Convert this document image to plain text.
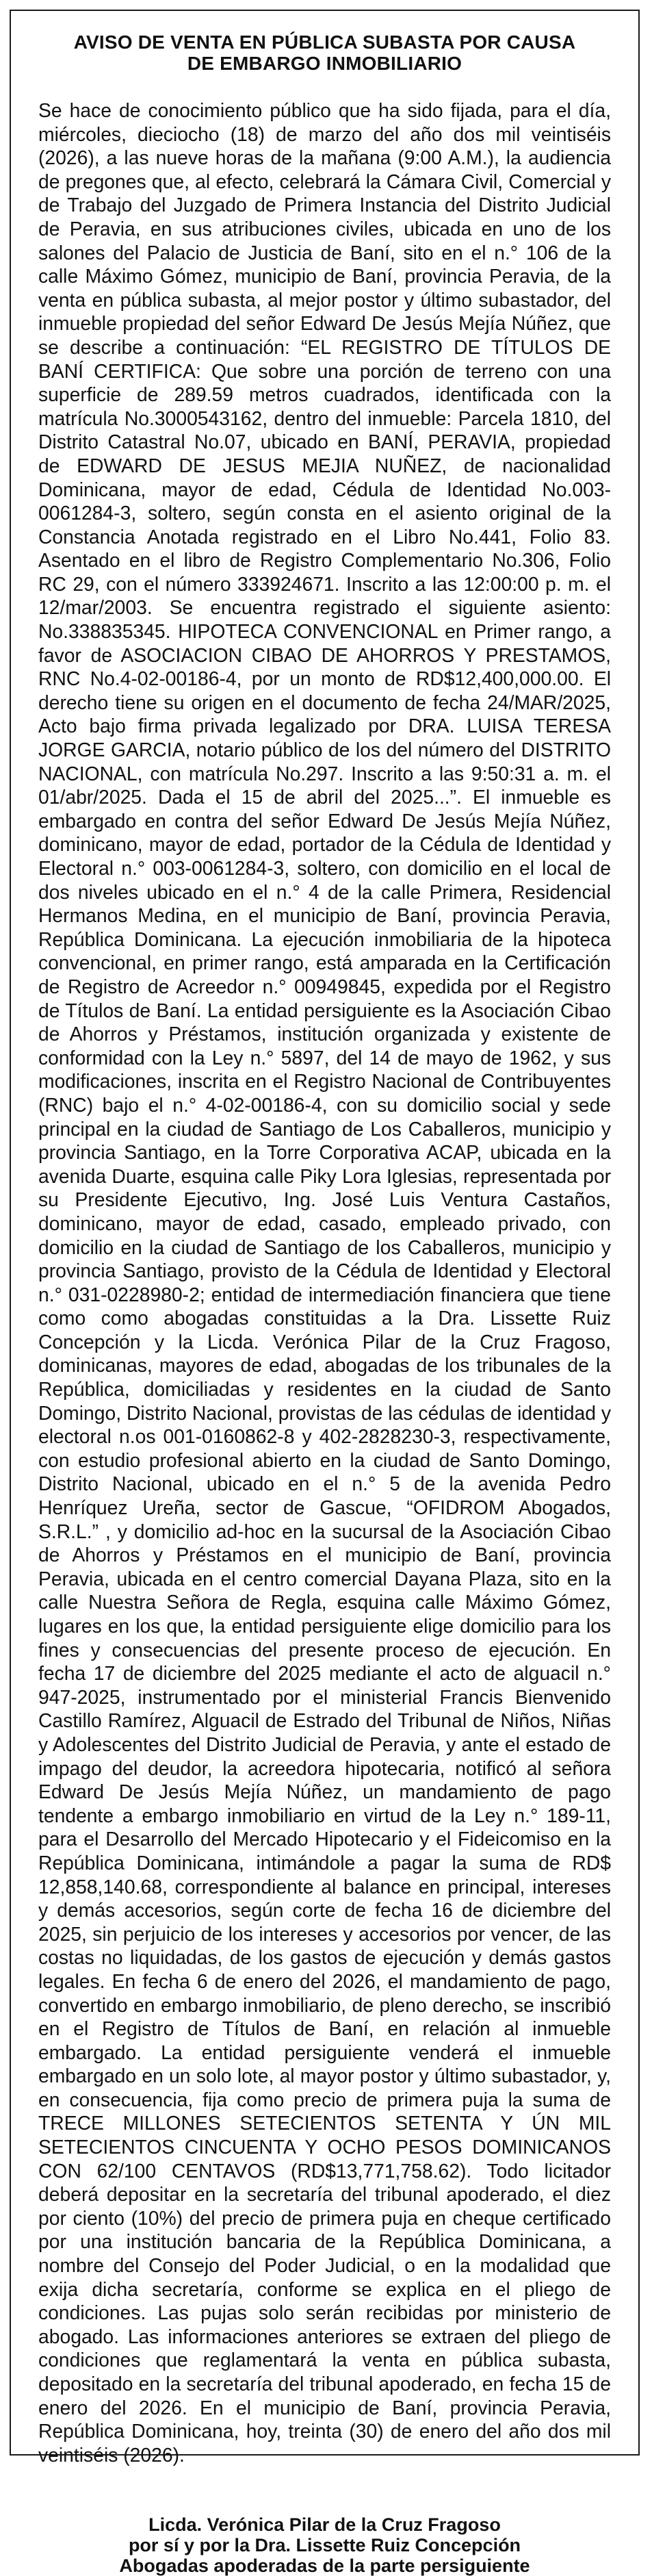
AVISO DE VENTA EN PÚBLICA SUBASTA POR CAUSA
DE EMBARGO INMOBILIARIO

Se hace de conocimiento público que ha sido fijada, para el día, miércoles, dieciocho (18) de marzo del año dos mil veintiséis (2026), a las nueve horas de la mañana (9:00 A.M.), la audiencia de pregones que, al efecto, celebrará la Cámara Civil, Comercial y de Trabajo del Juzgado de Primera Instancia del Distrito Judicial de Peravia, en sus atribuciones civiles, ubicada en uno de los salones del Palacio de Justicia de Baní, sito en el n.° 106 de la calle Máximo Gómez, municipio de Baní, provincia Peravia, de la venta en pública subasta, al mejor postor y último subastador, del inmueble propiedad del señor Edward De Jesús Mejía Núñez, que se describe a continuación: “EL REGISTRO DE TÍTULOS DE BANÍ CERTIFICA: Que sobre una porción de terreno con una superficie de 289.59 metros cuadrados, identificada con la matrícula No.3000543162, dentro del inmueble: Parcela 1810, del Distrito Catastral No.07, ubicado en BANÍ, PERAVIA, propiedad de EDWARD DE JESUS MEJIA NUÑEZ, de nacionalidad Dominicana, mayor de edad, Cédula de Identidad No.003-0061284-3, soltero, según consta en el asiento original de la Constancia Anotada registrado en el Libro No.441, Folio 83. Asentado en el libro de Registro Complementario No.306, Folio RC 29, con el número 333924671. Inscrito a las 12:00:00 p. m. el 12/mar/2003. Se encuentra registrado el siguiente asiento: No.338835345. HIPOTECA CONVENCIONAL en Primer rango, a favor de ASOCIACION CIBAO DE AHORROS Y PRESTAMOS, RNC No.4-02-00186-4, por un monto de RD$12,400,000.00. El derecho tiene su origen en el documento de fecha 24/MAR/2025, Acto bajo firma privada legalizado por DRA. LUISA TERESA JORGE GARCIA, notario público de los del número del DISTRITO NACIONAL, con matrícula No.297. Inscrito a las 9:50:31 a. m. el 01/abr/2025. Dada el 15 de abril del 2025...”. El inmueble es embargado en contra del señor Edward De Jesús Mejía Núñez, dominicano, mayor de edad, portador de la Cédula de Identidad y Electoral n.° 003-0061284-3, soltero, con domicilio en el local de dos niveles ubicado en el n.° 4 de la calle Primera, Residencial Hermanos Medina, en el municipio de Baní, provincia Peravia, República Dominicana. La ejecución inmobiliaria de la hipoteca convencional, en primer rango, está amparada en la Certificación de Registro de Acreedor n.° 00949845, expedida por el Registro de Títulos de Baní. La entidad persiguiente es la Asociación Cibao de Ahorros y Préstamos, institución organizada y existente de conformidad con la Ley n.° 5897, del 14 de mayo de 1962, y sus modificaciones, inscrita en el Registro Nacional de Contribuyentes (RNC) bajo el n.° 4-02-00186-4, con su domicilio social y sede principal en la ciudad de Santiago de Los Caballeros, municipio y provincia Santiago, en la Torre Corporativa ACAP, ubicada en la avenida Duarte, esquina calle Piky Lora Iglesias, representada por su Presidente Ejecutivo, Ing. José Luis Ventura Castaños, dominicano, mayor de edad, casado, empleado privado, con domicilio en la ciudad de Santiago de los Caballeros, municipio y provincia Santiago, provisto de la Cédula de Identidad y Electoral n.° 031-0228980-2; entidad de intermediación financiera que tiene como como abogadas constituidas a la Dra. Lissette Ruiz Concepción y la Licda. Verónica Pilar de la Cruz Fragoso, dominicanas, mayores de edad, abogadas de los tribunales de la República, domiciliadas y residentes en la ciudad de Santo Domingo, Distrito Nacional, provistas de las cédulas de identidad y electoral n.os 001-0160862-8 y 402-2828230-3, respectivamente, con estudio profesional abierto en la ciudad de Santo Domingo, Distrito Nacional, ubicado en el n.° 5 de la avenida Pedro Henríquez Ureña, sector de Gascue, “OFIDROM Abogados, S.R.L.” , y domicilio ad-hoc en la sucursal de la Asociación Cibao de Ahorros y Préstamos en el municipio de Baní, provincia Peravia, ubicada en el centro comercial Dayana Plaza, sito en la calle Nuestra Señora de Regla, esquina calle Máximo Gómez, lugares en los que, la entidad persiguiente elige domicilio para los fines y consecuencias del presente proceso de ejecución. En fecha 17 de diciembre del 2025 mediante el acto de alguacil n.° 947-2025, instrumentado por el ministerial Francis Bienvenido Castillo Ramírez, Alguacil de Estrado del Tribunal de Niños, Niñas y Adolescentes del Distrito Judicial de Peravia, y ante el estado de impago del deudor, la acreedora hipotecaria, notificó al señora Edward De Jesús Mejía Núñez, un mandamiento de pago tendente a embargo inmobiliario en virtud de la Ley n.° 189-11, para el Desarrollo del Mercado Hipotecario y el Fideicomiso en la República Dominicana, intimándole a pagar la suma de RD$ 12,858,140.68, correspondiente al balance en principal, intereses y demás accesorios, según corte de fecha 16 de diciembre del 2025, sin perjuicio de los intereses y accesorios por vencer, de las costas no liquidadas, de los gastos de ejecución y demás gastos legales. En fecha 6 de enero del 2026, el mandamiento de pago, convertido en embargo inmobiliario, de pleno derecho, se inscribió en el Registro de Títulos de Baní, en relación al inmueble embargado. La entidad persiguiente venderá el inmueble embargado en un solo lote, al mayor postor y último subastador, y, en consecuencia, fija como precio de primera puja la suma de TRECE MILLONES SETECIENTOS SETENTA Y ÚN MIL SETECIENTOS CINCUENTA Y OCHO PESOS DOMINICANOS CON 62/100 CENTAVOS (RD$13,771,758.62). Todo licitador deberá depositar en la secretaría del tribunal apoderado, el diez por ciento (10%) del precio de primera puja en cheque certificado por una institución bancaria de la República Dominicana, a nombre del Consejo del Poder Judicial, o en la modalidad que exija dicha secretaría, conforme se explica en el pliego de condiciones. Las pujas solo serán recibidas por ministerio de abogado. Las informaciones anteriores se extraen del pliego de condiciones que reglamentará la venta en pública subasta, depositado en la secretaría del tribunal apoderado, en fecha 15 de enero del 2026. En el municipio de Baní, provincia Peravia, República Dominicana, hoy, treinta (30) de enero del año dos mil veintiséis (2026).

Licda. Verónica Pilar de la Cruz Fragoso
por sí y por la Dra. Lissette Ruiz Concepción
Abogadas apoderadas de la parte persiguiente
